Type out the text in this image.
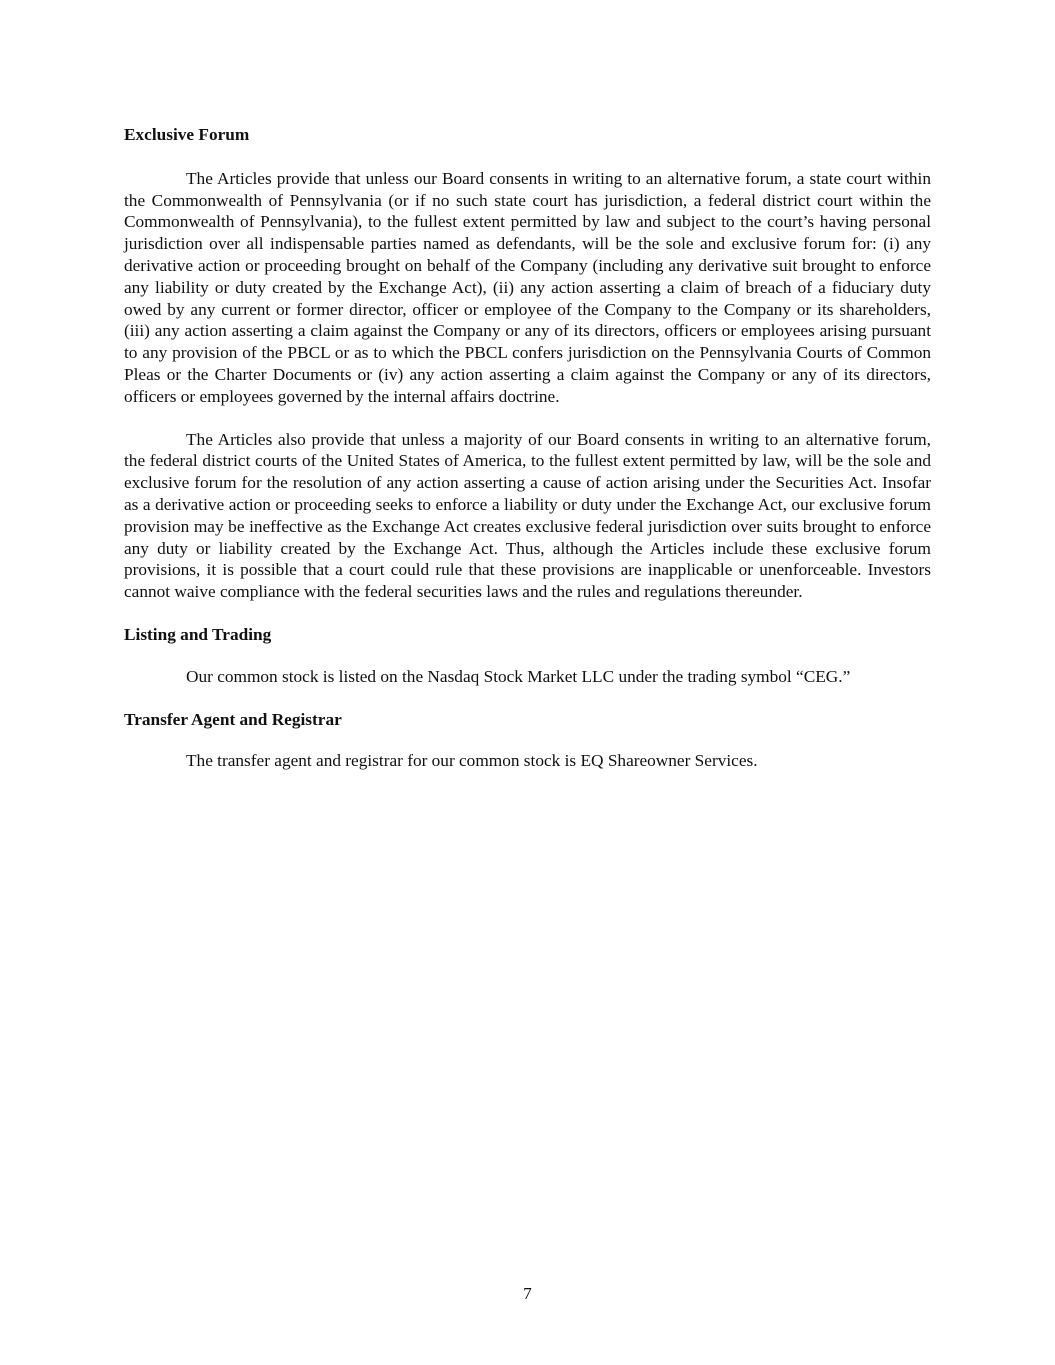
Exclusive Forum

The Articles provide that unless our Board consents in writing to an alternative forum, a state court within the Commonwealth of Pennsylvania (or if no such state court has jurisdiction, a federal district court within the Commonwealth of Pennsylvania), to the fullest extent permitted by law and subject to the court’s having personal jurisdiction over all indispensable parties named as defendants, will be the sole and exclusive forum for: (i) any derivative action or proceeding brought on behalf of the Company (including any derivative suit brought to enforce any liability or duty created by the Exchange Act), (ii) any action asserting a claim of breach of a fiduciary duty owed by any current or former director, officer or employee of the Company to the Company or its shareholders, (iii) any action asserting a claim against the Company or any of its directors, officers or employees arising pursuant to any provision of the PBCL or as to which the PBCL confers jurisdiction on the Pennsylvania Courts of Common Pleas or the Charter Documents or (iv) any action asserting a claim against the Company or any of its directors, officers or employees governed by the internal affairs doctrine.

The Articles also provide that unless a majority of our Board consents in writing to an alternative forum, the federal district courts of the United States of America, to the fullest extent permitted by law, will be the sole and exclusive forum for the resolution of any action asserting a cause of action arising under the Securities Act. Insofar as a derivative action or proceeding seeks to enforce a liability or duty under the Exchange Act, our exclusive forum provision may be ineffective as the Exchange Act creates exclusive federal jurisdiction over suits brought to enforce any duty or liability created by the Exchange Act. Thus, although the Articles include these exclusive forum provisions, it is possible that a court could rule that these provisions are inapplicable or unenforceable. Investors cannot waive compliance with the federal securities laws and the rules and regulations thereunder.

Listing and Trading

Our common stock is listed on the Nasdaq Stock Market LLC under the trading symbol “CEG.”

Transfer Agent and Registrar

The transfer agent and registrar for our common stock is EQ Shareowner Services.

7
